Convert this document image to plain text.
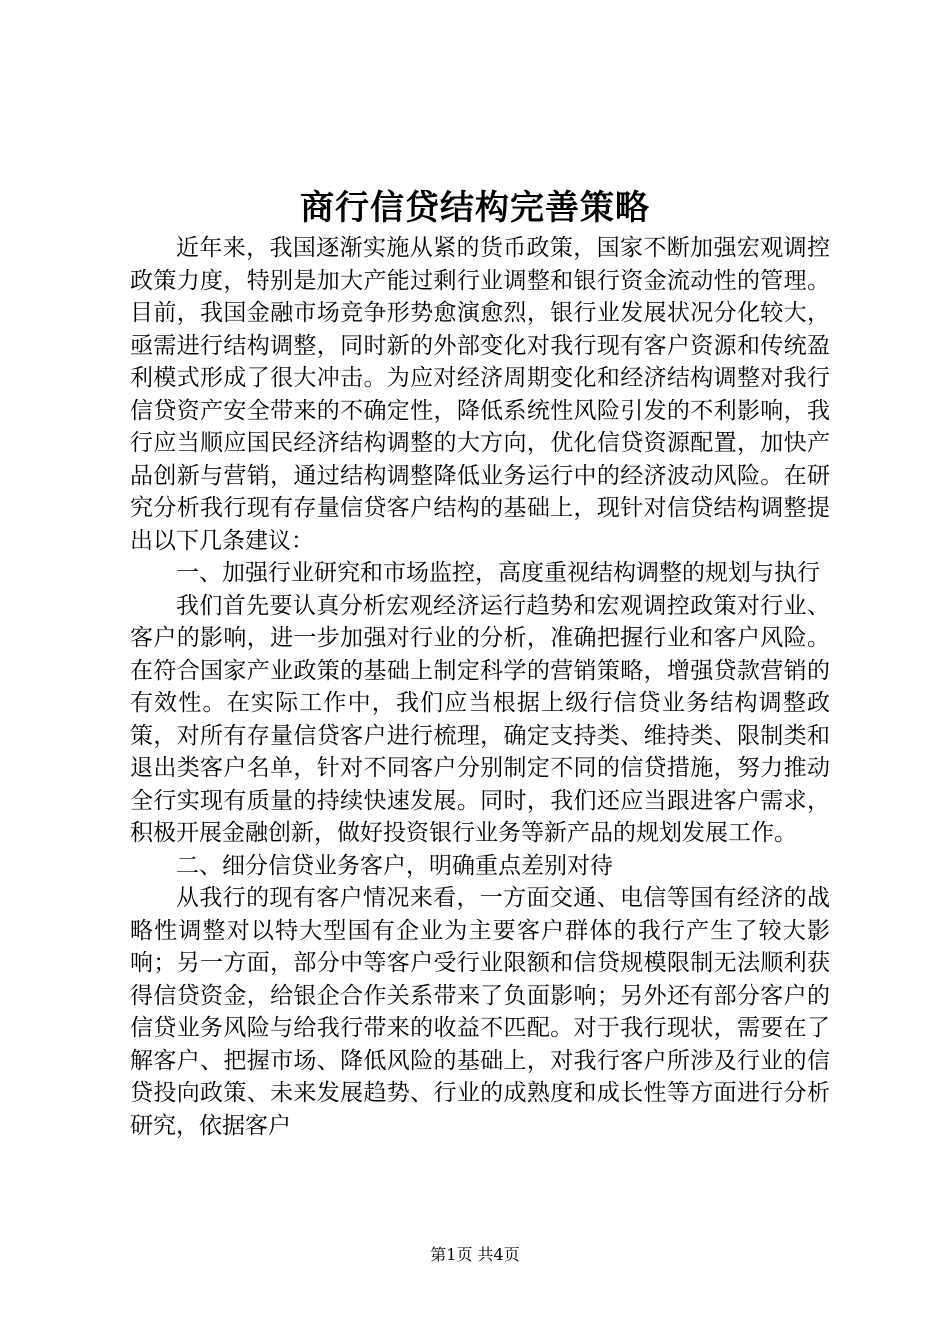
商行信贷结构完善策略

近年来，我国逐渐实施从紧的货币政策，国家不断加强宏观调控政策力度，特别是加大产能过剩行业调整和银行资金流动性的管理。目前，我国金融市场竞争形势愈演愈烈，银行业发展状况分化较大，亟需进行结构调整，同时新的外部变化对我行现有客户资源和传统盈利模式形成了很大冲击。为应对经济周期变化和经济结构调整对我行信贷资产安全带来的不确定性，降低系统性风险引发的不利影响，我行应当顺应国民经济结构调整的大方向，优化信贷资源配置，加快产品创新与营销，通过结构调整降低业务运行中的经济波动风险。在研究分析我行现有存量信贷客户结构的基础上，现针对信贷结构调整提出以下几条建议：

一、加强行业研究和市场监控，高度重视结构调整的规划与执行

我们首先要认真分析宏观经济运行趋势和宏观调控政策对行业、客户的影响，进一步加强对行业的分析，准确把握行业和客户风险。在符合国家产业政策的基础上制定科学的营销策略，增强贷款营销的有效性。在实际工作中，我们应当根据上级行信贷业务结构调整政策，对所有存量信贷客户进行梳理，确定支持类、维持类、限制类和退出类客户名单，针对不同客户分别制定不同的信贷措施，努力推动全行实现有质量的持续快速发展。同时，我们还应当跟进客户需求，积极开展金融创新，做好投资银行业务等新产品的规划发展工作。

二、细分信贷业务客户，明确重点差别对待

从我行的现有客户情况来看，一方面交通、电信等国有经济的战略性调整对以特大型国有企业为主要客户群体的我行产生了较大影响；另一方面，部分中等客户受行业限额和信贷规模限制无法顺利获得信贷资金，给银企合作关系带来了负面影响；另外还有部分客户的信贷业务风险与给我行带来的收益不匹配。对于我行现状，需要在了解客户、把握市场、降低风险的基础上，对我行客户所涉及行业的信贷投向政策、未来发展趋势、行业的成熟度和成长性等方面进行分析研究，依据客户

第1页 共4页
